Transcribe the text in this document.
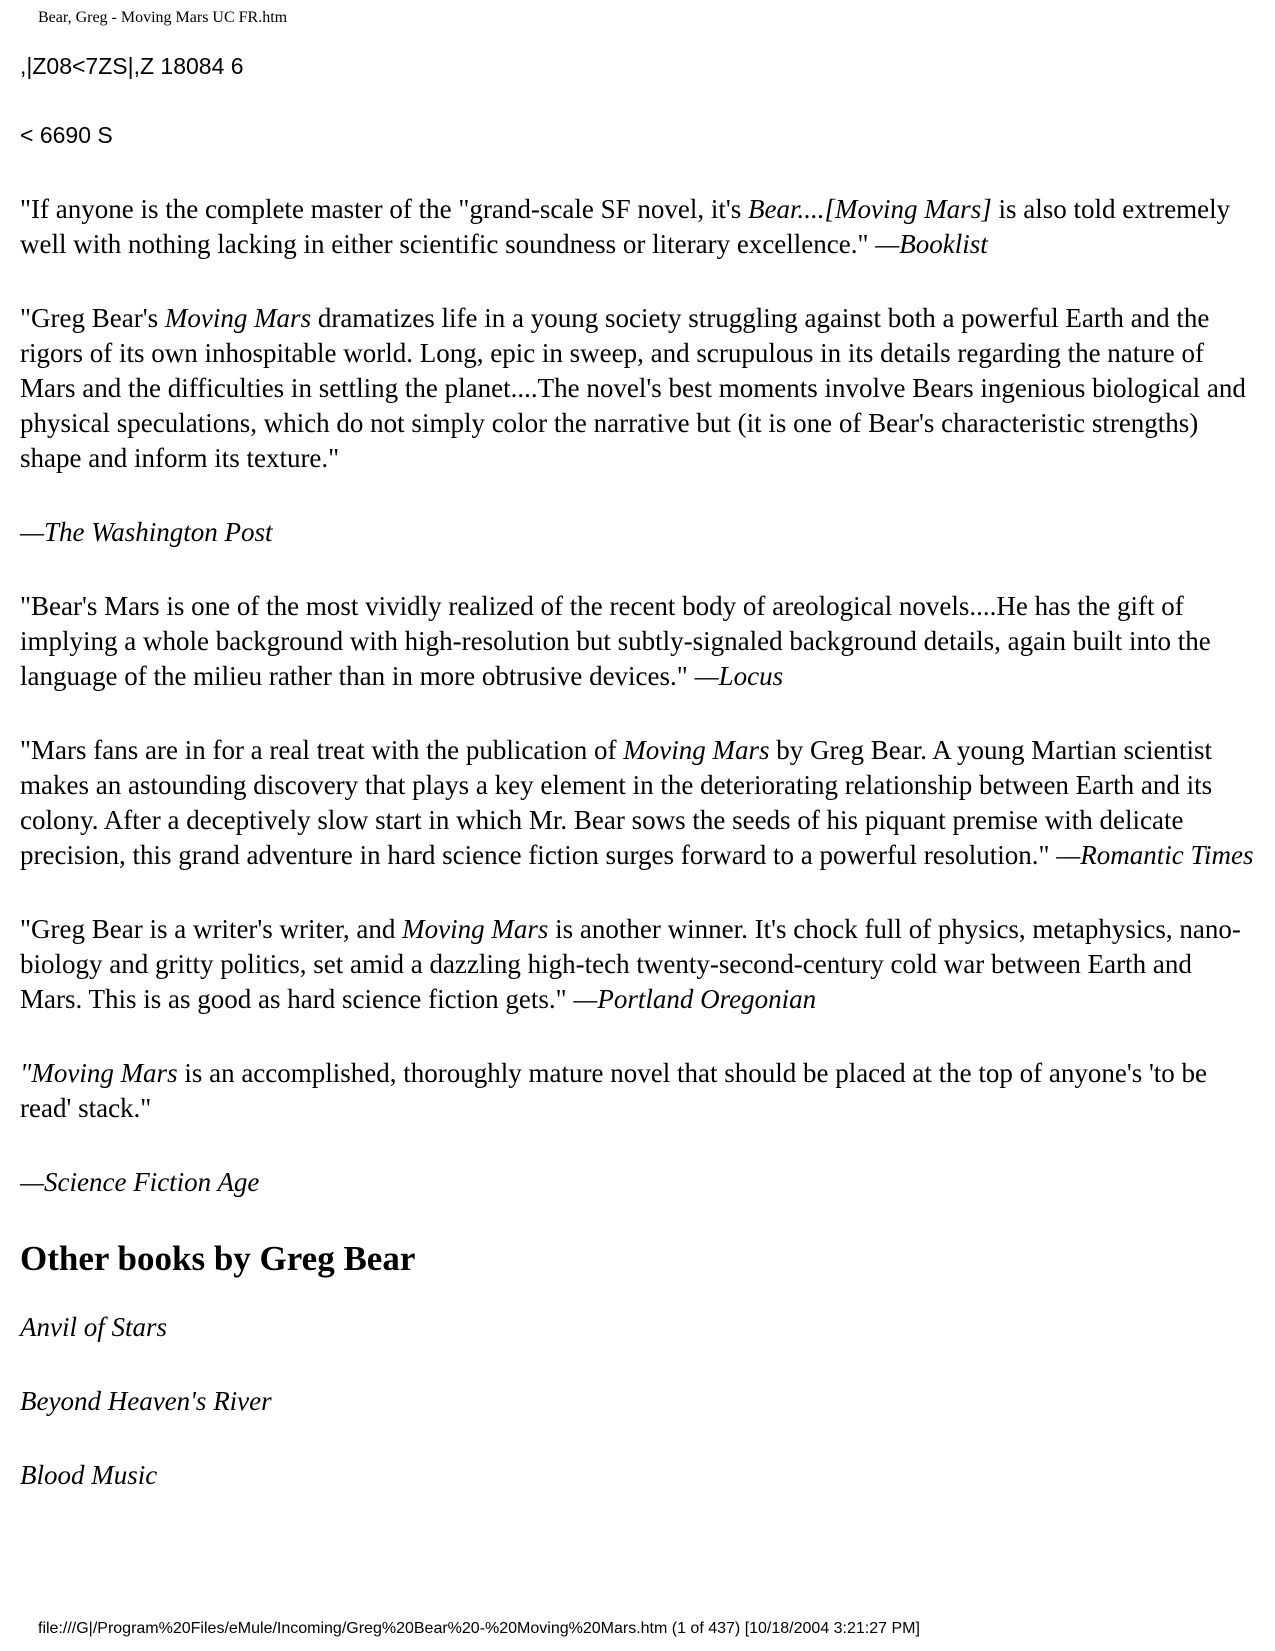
Bear, Greg - Moving Mars UC FR.htm

,|Z08<7ZS|,Z 18084 6

< 6690 S

"If anyone is the complete master of the "grand-scale SF novel, it's Bear....[Moving Mars] is also told extremely well with nothing lacking in either scientific soundness or literary excellence." —Booklist

"Greg Bear's Moving Mars dramatizes life in a young society struggling against both a powerful Earth and the rigors of its own inhospitable world. Long, epic in sweep, and scrupulous in its details regarding the nature of Mars and the difficulties in settling the planet....The novel's best moments involve Bears ingenious biological and physical speculations, which do not simply color the narrative but (it is one of Bear's characteristic strengths) shape and inform its texture."

—The Washington Post

"Bear's Mars is one of the most vividly realized of the recent body of areological novels....He has the gift of implying a whole background with high-resolution but subtly-signaled background details, again built into the language of the milieu rather than in more obtrusive devices." —Locus

"Mars fans are in for a real treat with the publication of Moving Mars by Greg Bear. A young Martian scientist makes an astounding discovery that plays a key element in the deteriorating relationship between Earth and its colony. After a deceptively slow start in which Mr. Bear sows the seeds of his piquant premise with delicate precision, this grand adventure in hard science fiction surges forward to a powerful resolution." —Romantic Times

"Greg Bear is a writer's writer, and Moving Mars is another winner. It's chock full of physics, metaphysics, nano-biology and gritty politics, set amid a dazzling high-tech twenty-second-century cold war between Earth and Mars. This is as good as hard science fiction gets." —Portland Oregonian

"Moving Mars is an accomplished, thoroughly mature novel that should be placed at the top of anyone's 'to be read' stack."

—Science Fiction Age

Other books by Greg Bear

Anvil of Stars

Beyond Heaven's River

Blood Music

file:///G|/Program%20Files/eMule/Incoming/Greg%20Bear%20-%20Moving%20Mars.htm (1 of 437) [10/18/2004 3:21:27 PM]
